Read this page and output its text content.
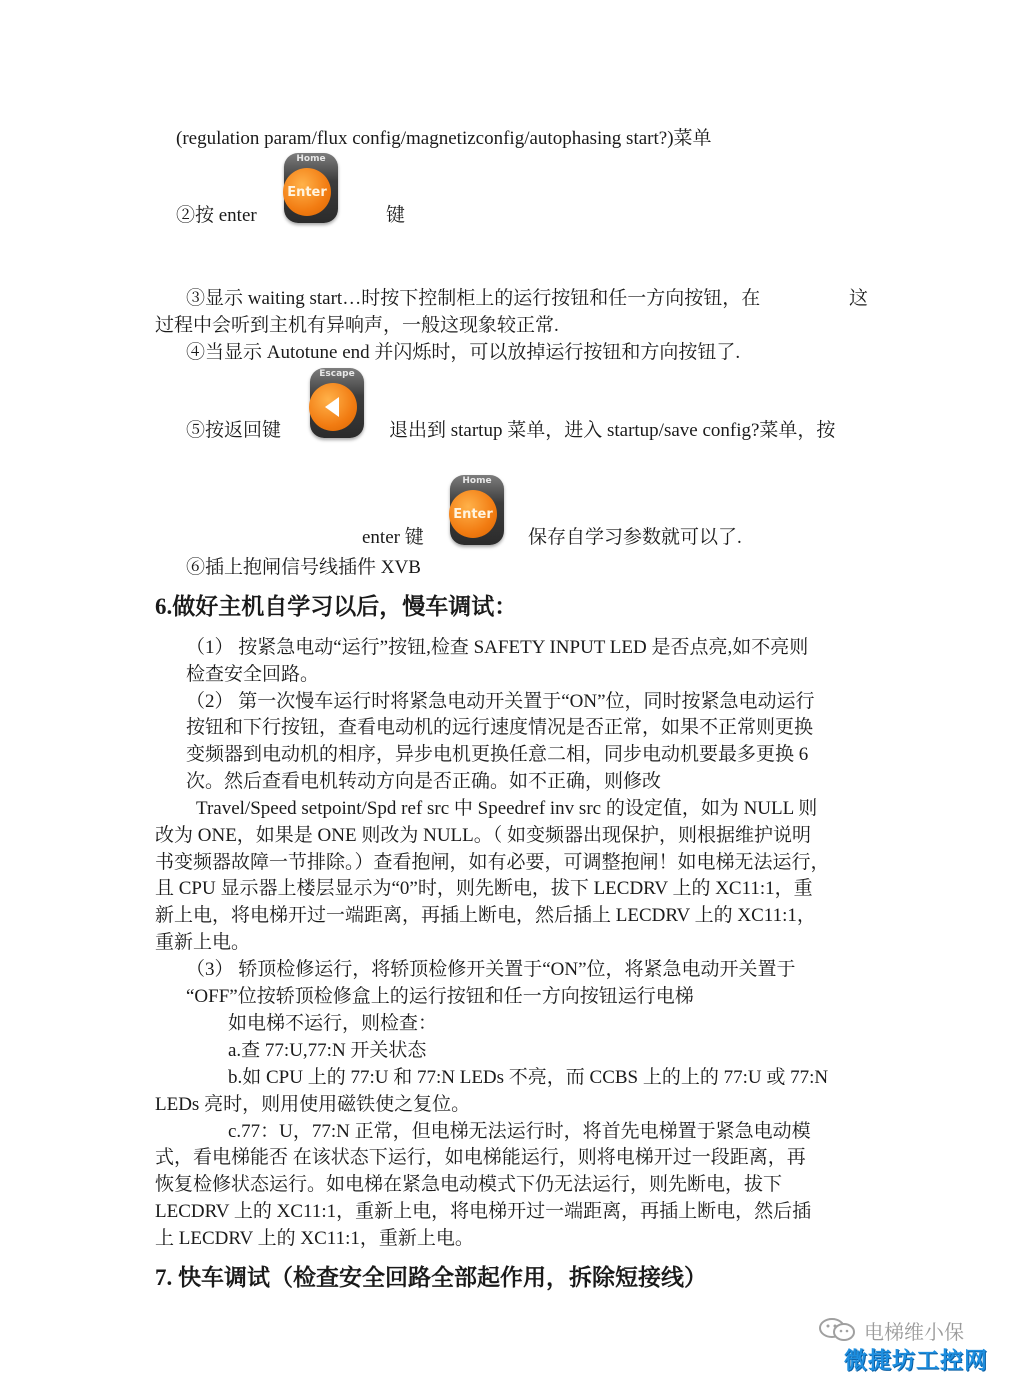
(regulation param/flux config/magnetizconfig/autophasing start?)菜单
②按 enter
Home
Enter
键
③显示 waiting start…时按下控制柜上的运行按钮和任一方向按钮，在	这
过程中会听到主机有异响声，一般这现象较正常.
④当显示 Autotune end 并闪烁时，可以放掉运行按钮和方向按钮了.
⑤按返回键
Escape
退出到 startup 菜单，进入 startup/save config?菜单，按
enter 键
Home
Enter
保存自学习参数就可以了.
⑥插上抱闸信号线插件 XVB
6.做好主机自学习以后，慢车调试：
（1） 按紧急电动“运行”按钮,检查 SAFETY INPUT LED 是否点亮,如不亮则
检查安全回路。
（2） 第一次慢车运行时将紧急电动开关置于“ON”位，同时按紧急电动运行
按钮和下行按钮，查看电动机的远行速度情况是否正常，如果不正常则更换
变频器到电动机的相序，异步电机更换任意二相，同步电动机要最多更换 6
次。然后查看电机转动方向是否正确。如不正确，则修改
Travel/Speed setpoint/Spd ref src 中 Speedref inv src 的设定值，如为 NULL 则
改为 ONE，如果是 ONE 则改为 NULL。（ 如变频器出现保护，则根据维护说明
书变频器故障一节排除。）查看抱闸，如有必要，可调整抱闸！如电梯无法运行，
且 CPU 显示器上楼层显示为“0”时，则先断电，拔下 LECDRV 上的 XC11:1，重
新上电，将电梯开过一端距离，再插上断电，然后插上 LECDRV 上的 XC11:1，
重新上电。
（3） 轿顶检修运行，将轿顶检修开关置于“ON”位，将紧急电动开关置于
“OFF”位按轿顶检修盒上的运行按钮和任一方向按钮运行电梯
如电梯不运行，则检查：
a.查 77:U,77:N 开关状态
b.如 CPU 上的 77:U 和 77:N LEDs 不亮，而 CCBS 上的上的 77:U 或 77:N
LEDs 亮时，则用使用磁铁使之复位。
c.77：U，77:N 正常，但电梯无法运行时，将首先电梯置于紧急电动模
式，看电梯能否 在该状态下运行，如电梯能运行，则将电梯开过一段距离，再
恢复检修状态运行。如电梯在紧急电动模式下仍无法运行，则先断电，拔下
LECDRV 上的 XC11:1，重新上电，将电梯开过一端距离，再插上断电，然后插
上 LECDRV 上的 XC11:1，重新上电。
7. 快车调试（检查安全回路全部起作用，拆除短接线）
电梯维小保
微捷坊工控网
